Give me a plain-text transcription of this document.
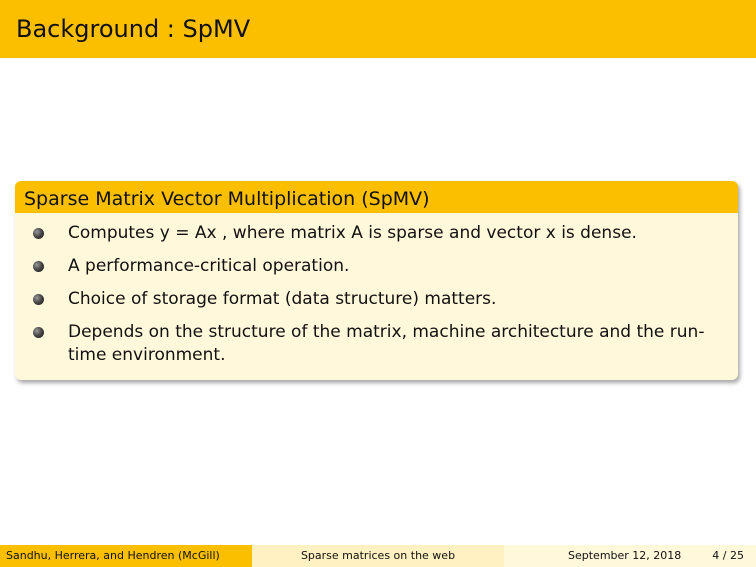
Background : SpMV
Sparse Matrix Vector Multiplication (SpMV)
Computes y = Ax , where matrix A is sparse and vector x is dense.
A performance-critical operation.
Choice of storage format (data structure) matters.
Depends on the structure of the matrix, machine architecture and the run-time environment.
Sandhu, Herrera, and Hendren (McGill)	Sparse matrices on the web	September 12, 2018	4 / 25
